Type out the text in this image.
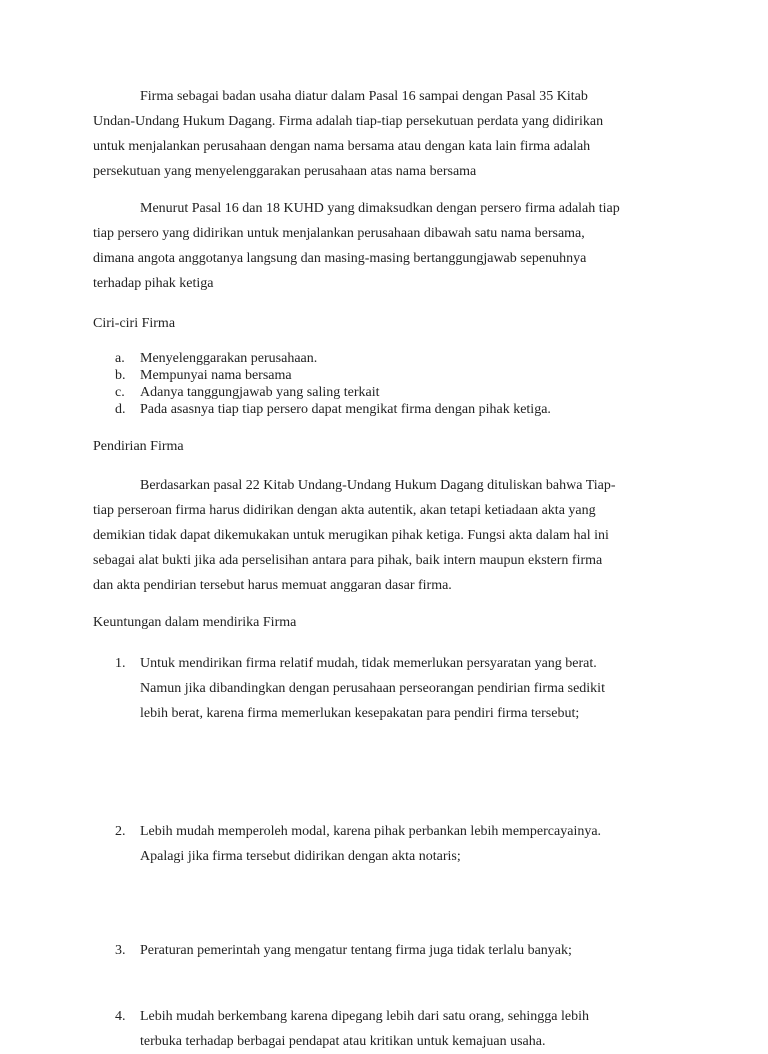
Firma sebagai badan usaha diatur dalam Pasal 16 sampai dengan Pasal 35 Kitab
Undan-Undang Hukum Dagang. Firma adalah tiap-tiap persekutuan perdata yang didirikan
untuk menjalankan perusahaan dengan nama bersama atau dengan kata lain firma adalah
persekutuan yang menyelenggarakan perusahaan atas nama bersama
Menurut Pasal 16 dan 18 KUHD yang dimaksudkan dengan persero firma adalah tiap
tiap persero yang didirikan untuk menjalankan perusahaan dibawah satu nama bersama,
dimana angota anggotanya langsung dan masing-masing bertanggungjawab sepenuhnya
terhadap pihak ketiga
Ciri-ciri Firma
a. Menyelenggarakan perusahaan.
b. Mempunyai nama bersama
c. Adanya tanggungjawab yang saling terkait
d. Pada asasnya tiap tiap persero dapat mengikat firma dengan pihak ketiga.
Pendirian Firma
Berdasarkan pasal 22 Kitab Undang-Undang Hukum Dagang dituliskan bahwa Tiap-
tiap perseroan firma harus didirikan dengan akta autentik, akan tetapi ketiadaan akta yang
demikian tidak dapat dikemukakan untuk merugikan pihak ketiga. Fungsi akta dalam hal ini
sebagai alat bukti jika ada perselisihan antara para pihak, baik intern maupun ekstern firma
dan akta pendirian tersebut harus memuat anggaran dasar firma.
Keuntungan dalam mendirika Firma
1. Untuk mendirikan firma relatif mudah, tidak memerlukan persyaratan yang berat.
Namun jika dibandingkan dengan perusahaan perseorangan pendirian firma sedikit
lebih berat, karena firma memerlukan kesepakatan para pendiri firma tersebut;
2. Lebih mudah memperoleh modal, karena pihak perbankan lebih mempercayainya.
Apalagi jika firma tersebut didirikan dengan akta notaris;
3. Peraturan pemerintah yang mengatur tentang firma juga tidak terlalu banyak;
4. Lebih mudah berkembang karena dipegang lebih dari satu orang, sehingga lebih
terbuka terhadap berbagai pendapat atau kritikan untuk kemajuan usaha.
